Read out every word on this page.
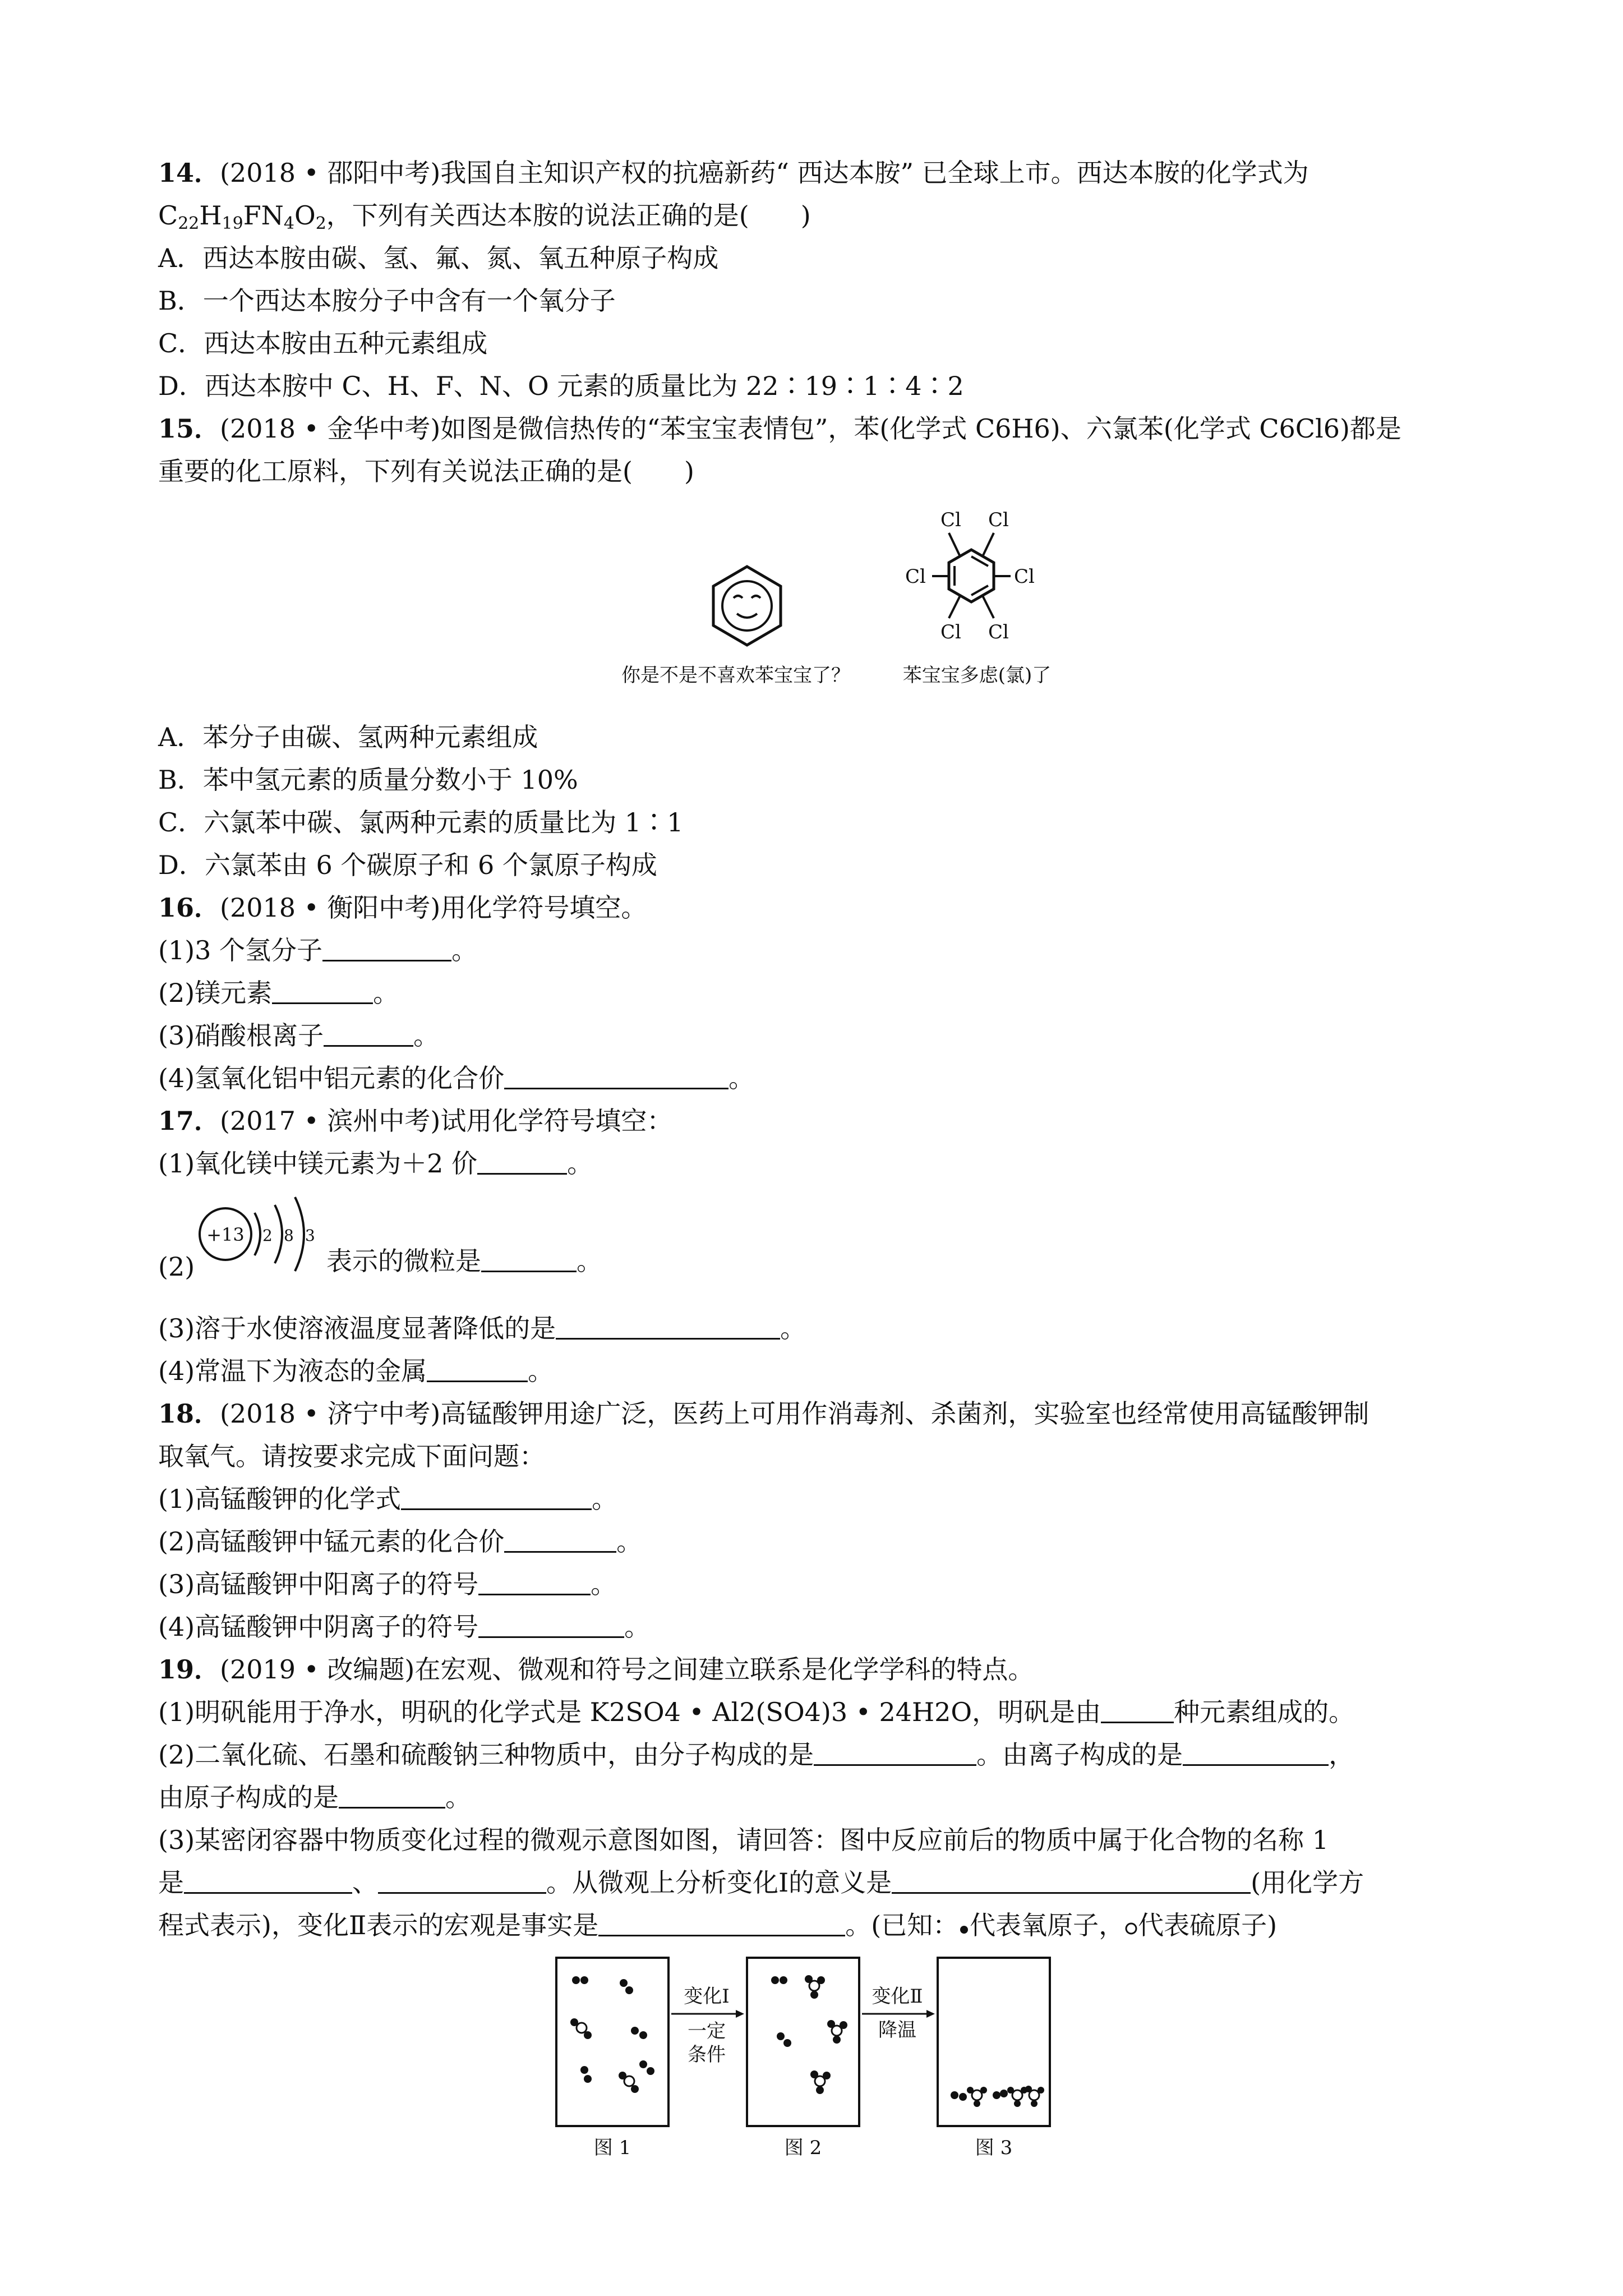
14．(2018 • 邵阳中考)我国自主知识产权的抗癌新药“ 西达本胺” 已全球上市。西达本胺的化学式为
$C_{22}H_{19}FN_4O_2$，下列有关西达本胺的说法正确的是(　　)
A．西达本胺由碳、氢、氟、氮、氧五种原子构成
B．一个西达本胺分子中含有一个氧分子
C．西达本胺由五种元素组成
D．西达本胺中 C、H、F、N、O 元素的质量比为 22∶19∶1∶4∶2
15．(2018 • 金华中考)如图是微信热传的“苯宝宝表情包”，苯(化学式 C6H6)、六氯苯(化学式 C6Cl6)都是
重要的化工原料，下列有关说法正确的是(　　)
Cl Cl
Cl	Cl
Cl Cl
你是不是不喜欢苯宝宝了？	苯宝宝多虑(氯)了
A．苯分子由碳、氢两种元素组成
B．苯中氢元素的质量分数小于 10%
C．六氯苯中碳、氯两种元素的质量比为 1∶1
D．六氯苯由 6 个碳原子和 6 个氯原子构成
16．(2018 • 衡阳中考)用化学符号填空。
(1)3 个氢分子	。
(2)镁元素	。
(3)硝酸根离子	。
(4)氢氧化铝中铝元素的化合价	。
17．(2017 • 滨州中考)试用化学符号填空：
(1)氧化镁中镁元素为＋2 价	。
(2)
+13 2 8 3
表示的微粒是	。
(3)溶于水使溶液温度显著降低的是	。
(4)常温下为液态的金属	。
18．(2018 • 济宁中考)高锰酸钾用途广泛，医药上可用作消毒剂、杀菌剂，实验室也经常使用高锰酸钾制
取氧气。请按要求完成下面问题：
(1)高锰酸钾的化学式	。
(2)高锰酸钾中锰元素的化合价	。
(3)高锰酸钾中阳离子的符号	。
(4)高锰酸钾中阴离子的符号	。
19．(2019 • 改编题)在宏观、微观和符号之间建立联系是化学学科的特点。
(1)明矾能用于净水，明矾的化学式是 K2SO4 • Al2(SO4)3 • 24H2O，明矾是由	种元素组成的。
(2)二氧化硫、石墨和硫酸钠三种物质中，由分子构成的是	。由离子构成的是	，
由原子构成的是	。
(3)某密闭容器中物质变化过程的微观示意图如图，请回答：图中反应前后的物质中属于化合物的名称 1
是	、	。从微观上分析变化Ⅰ的意义是	(用化学方
程式表示)，变化Ⅱ表示的宏观是事实是	。(已知： 代表氧原子， 代表硫原子)
变化Ⅰ
一定
条件
变化Ⅱ
降温
图 1	图 2	图 3
